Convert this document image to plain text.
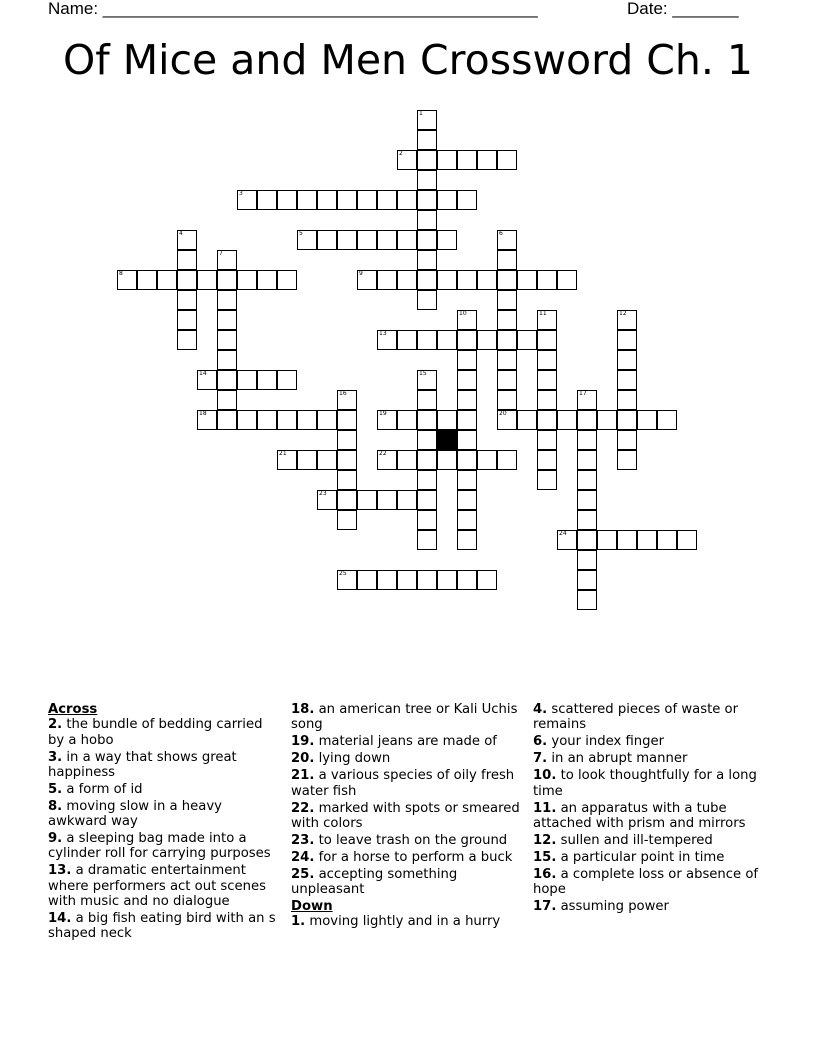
Name: ______________________________________________	Date: _______
Of Mice and Men Crossword Ch. 1
1
2
3
4	5	6
7
8	9
10	11	12
13
14	15
16	17
18	19	20
21	22
23
24
25
Across
2. the bundle of bedding carried by a hobo
3. in a way that shows great happiness
5. a form of id
8. moving slow in a heavy awkward way
9. a sleeping bag made into a cylinder roll for carrying purposes
13. a dramatic entertainment where performers act out scenes with music and no dialogue
14. a big fish eating bird with an s shaped neck
18. an american tree or Kali Uchis song
19. material jeans are made of
20. lying down
21. a various species of oily fresh water fish
22. marked with spots or smeared with colors
23. to leave trash on the ground
24. for a horse to perform a buck
25. accepting something unpleasant
Down
1. moving lightly and in a hurry
4. scattered pieces of waste or remains
6. your index finger
7. in an abrupt manner
10. to look thoughtfully for a long time
11. an apparatus with a tube attached with prism and mirrors
12. sullen and ill-tempered
15. a particular point in time
16. a complete loss or absence of hope
17. assuming power
